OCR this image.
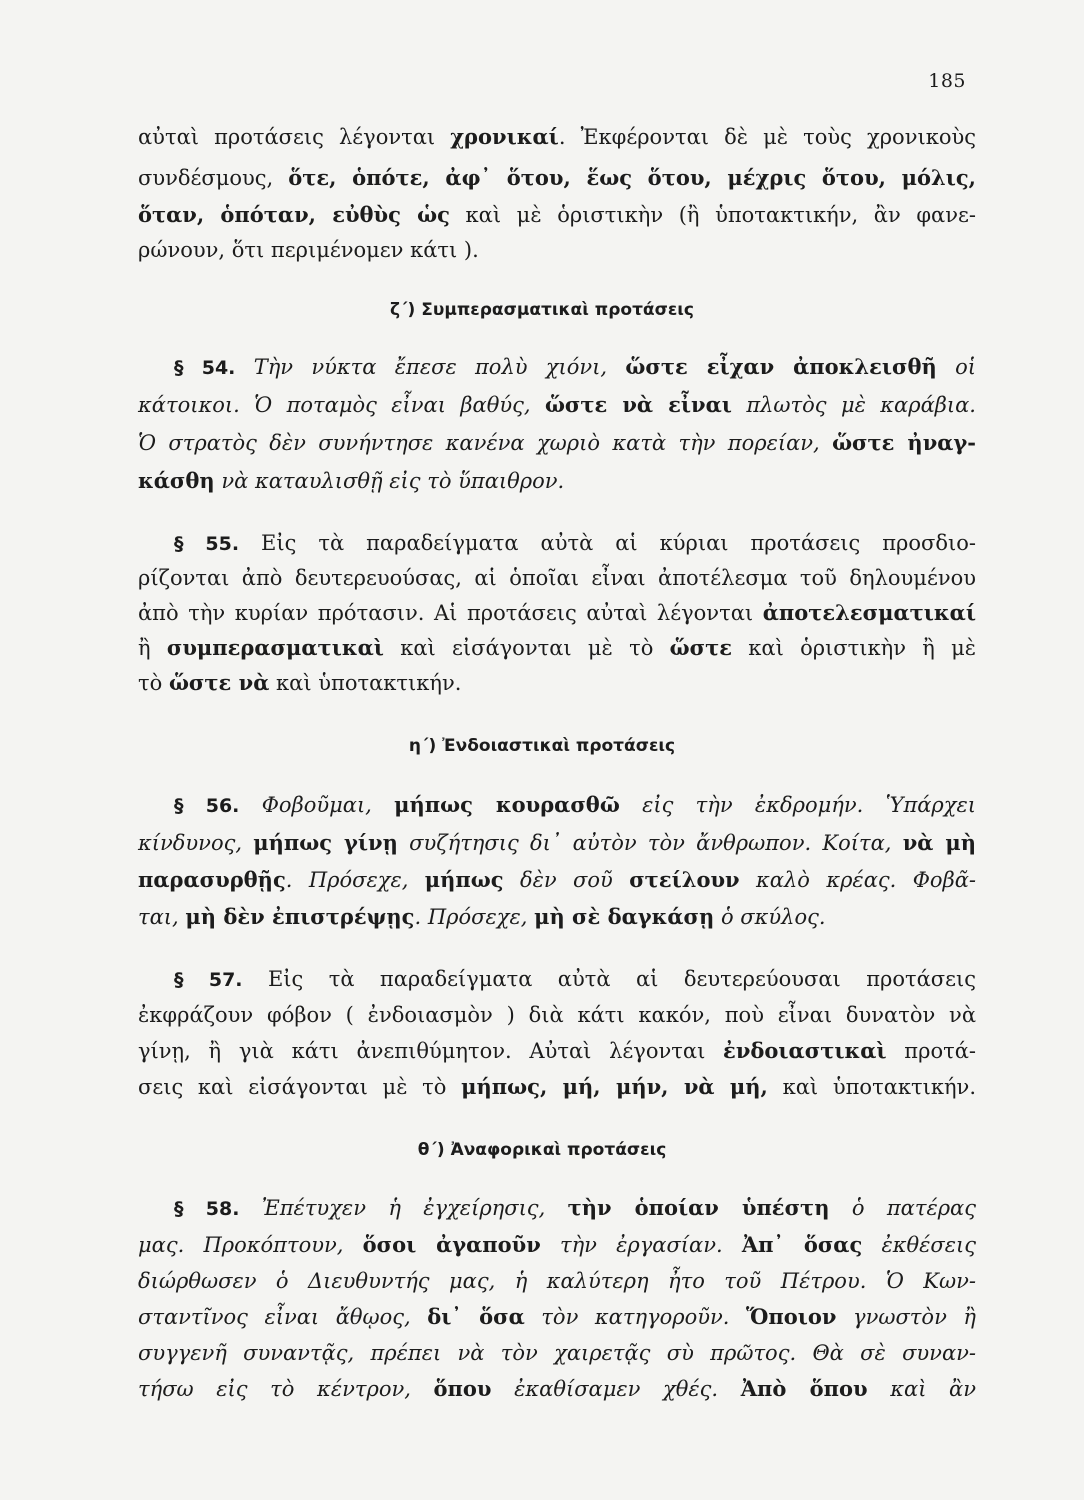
185
αὐταὶ προτάσεις λέγονται χρονικαί. Ἐκφέρονται δὲ μὲ τοὺς χρονικοὺς
συνδέσμους, ὅτε, ὁπότε, ἀφ᾽ ὅτου, ἕως ὅτου, μέχρις ὅτου, μόλις,
ὅταν, ὁπόταν, εὐθὺς ὡς καὶ μὲ ὁριστικὴν (ἢ ὑποτακτικήν, ἂν φανε-
ρώνουν, ὅτι περιμένομεν κάτι ).
ζ΄) Συμπερασματικαὶ προτάσεις
§ 54. Τὴν νύκτα ἔπεσε πολὺ χιόνι, ὥστε εἶχαν ἀποκλεισθῆ οἱ
κάτοικοι. Ὁ ποταμὸς εἶναι βαθύς, ὥστε νὰ εἶναι πλωτὸς μὲ καράβια.
Ὁ στρατὸς δὲν συνήντησε κανένα χωριὸ κατὰ τὴν πορείαν, ὥστε ἠναγ-
κάσθη νὰ καταυλισθῇ εἰς τὸ ὕπαιθρον.
§ 55. Εἰς τὰ παραδείγματα αὐτὰ αἱ κύριαι προτάσεις προσδιο-
ρίζονται ἀπὸ δευτερευούσας, αἱ ὁποῖαι εἶναι ἀποτέλεσμα τοῦ δηλουμένου
ἀπὸ τὴν κυρίαν πρότασιν. Αἱ προτάσεις αὐταὶ λέγονται ἀποτελεσματικαί
ἢ συμπερασματικαὶ καὶ εἰσάγονται μὲ τὸ ὥστε καὶ ὁριστικὴν ἢ μὲ
τὸ ὥστε νὰ καὶ ὑποτακτικήν.
η΄) Ἐνδοιαστικαὶ προτάσεις
§ 56. Φοβοῦμαι, μήπως κουρασθῶ εἰς τὴν ἐκδρομήν. Ὑπάρχει
κίνδυνος, μήπως γίνῃ συζήτησις δι᾽ αὐτὸν τὸν ἄνθρωπον. Κοίτα, νὰ μὴ
παρασυρθῇς. Πρόσεχε, μήπως δὲν σοῦ στείλουν καλὸ κρέας. Φοβᾶ-
ται, μὴ δὲν ἐπιστρέψῃς. Πρόσεχε, μὴ σὲ δαγκάσῃ ὁ σκύλος.
§ 57. Εἰς τὰ παραδείγματα αὐτὰ αἱ δευτερεύουσαι προτάσεις
ἐκφράζουν φόβον ( ἐνδοιασμὸν ) διὰ κάτι κακόν, ποὺ εἶναι δυνατὸν νὰ
γίνῃ, ἢ γιὰ κάτι ἀνεπιθύμητον. Αὐταὶ λέγονται ἐνδοιαστικαὶ προτά-
σεις καὶ εἰσάγονται μὲ τὸ μήπως, μή, μήν, νὰ μή, καὶ ὑποτακτικήν.
θ΄) Ἀναφορικαὶ προτάσεις
§ 58. Ἐπέτυχεν ἡ ἐγχείρησις, τὴν ὁποίαν ὑπέστη ὁ πατέρας
μας. Προκόπτουν, ὅσοι ἀγαποῦν τὴν ἐργασίαν. Ἀπ᾽ ὅσας ἐκθέσεις
διώρθωσεν ὁ Διευθυντής μας, ἡ καλύτερη ἦτο τοῦ Πέτρου. Ὁ Κων-
σταντῖνος εἶναι ἄθῳος, δι᾽ ὅσα τὸν κατηγοροῦν. Ὅποιον γνωστὸν ἢ
συγγενῆ συναντᾷς, πρέπει νὰ τὸν χαιρετᾷς σὺ πρῶτος. Θὰ σὲ συναν-
τήσω εἰς τὸ κέντρον, ὅπου ἐκαθίσαμεν χθές. Ἀπὸ ὅπου καὶ ἂν
